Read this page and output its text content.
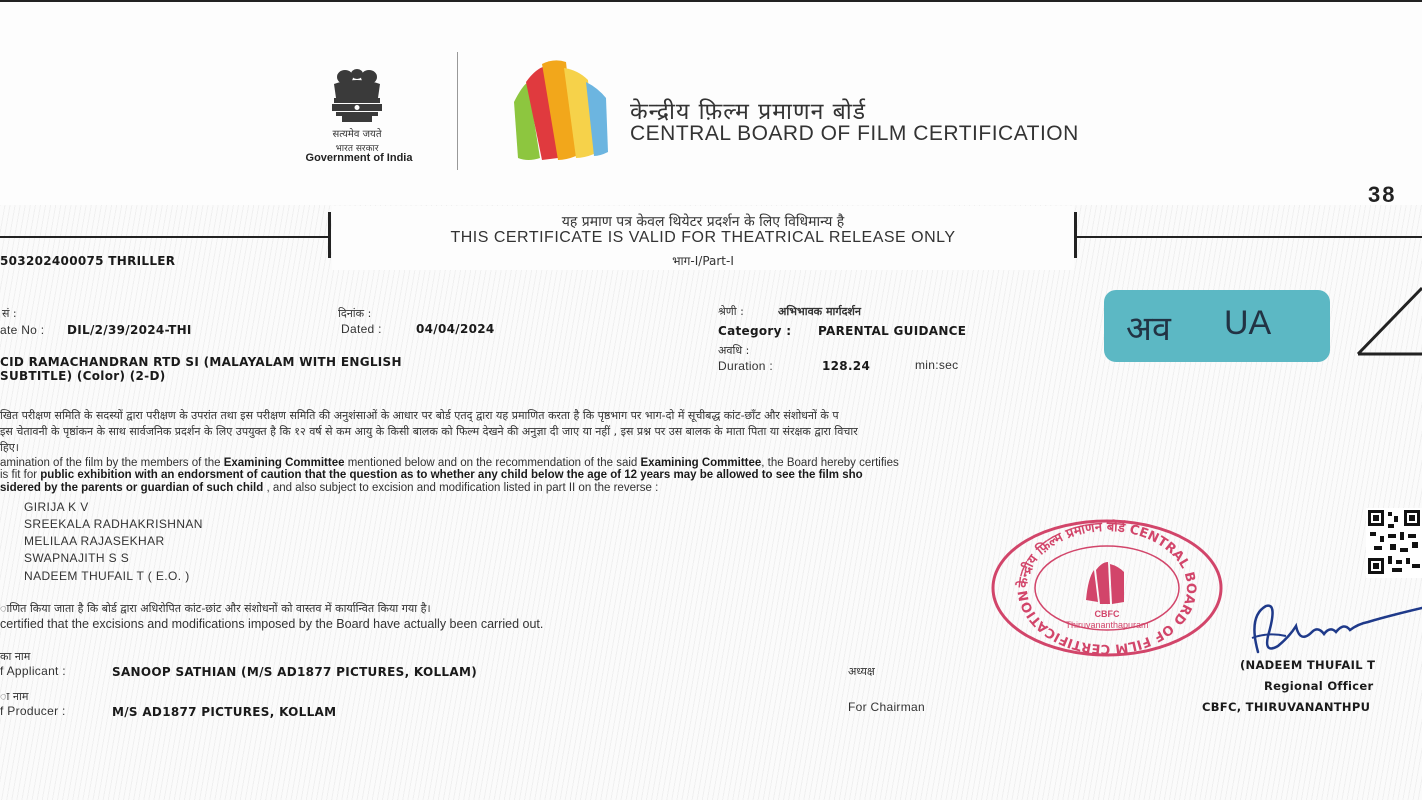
सत्यमेव जयते
भारत सरकार
Government of India
केन्द्रीय फ़िल्म प्रमाणन बोर्ड
CENTRAL BOARD OF FILM CERTIFICATION
38
यह प्रमाण पत्र केवल थियेटर प्रदर्शन के लिए विधिमान्य है
THIS CERTIFICATE IS VALID FOR THEATRICAL RELEASE ONLY
भाग-I/Part-I
503202400075 THRILLER
सं :
ate No : DIL/2/39/2024-THI
दिनांक :
Dated :	04/04/2024
श्रेणी :	अभिभावक मार्गदर्शन
Category : PARENTAL GUIDANCE
अवधि :
Duration :	128.24	min:sec
CID RAMACHANDRAN RTD SI (MALAYALAM WITH ENGLISH
SUBTITLE) (Color) (2-D)
अव UA
खित परीक्षण समिति के सदस्यों द्वारा परीक्षण के उपरांत तथा इस परीक्षण समिति की अनुशंसाओं के आधार पर बोर्ड एतद् द्वारा यह प्रमाणित करता है कि पृष्ठभाग पर भाग-दो में सूचीबद्ध कांट-छाँट और संशोधनों के प
इस चेतावनी के पृष्ठांकन के साथ सार्वजनिक प्रदर्शन के लिए उपयुक्त है कि १२ वर्ष से कम आयु के किसी बालक को फिल्म देखने की अनुज्ञा दी जाए या नहीं , इस प्रश्न पर उस बालक के माता पिता या संरक्षक द्वारा विचार
हिए।
amination of the film by the members of the Examining Committee mentioned below and on the recommendation of the said Examining Committee, the Board hereby certifies
is fit for public exhibition with an endorsment of caution that the question as to whether any child below the age of 12 years may be allowed to see the film sho
sidered by the parents or guardian of such child , and also subject to excision and modification listed in part II on the reverse :
GIRIJA K V
SREEKALA RADHAKRISHNAN
MELILAA RAJASEKHAR
SWAPNAJITH S S
NADEEM THUFAIL T ( E.O. )
ाणित किया जाता है कि बोर्ड द्वारा अधिरोपित कांट-छांट और संशोधनों को वास्तव में कार्यान्वित किया गया है।
certified that the excisions and modifications imposed by the Board have actually been carried out.
का नाम
f Applicant :	SANOOP SATHIAN (M/S AD1877 PICTURES, KOLLAM)
ा नाम
f Producer :	M/S AD1877 PICTURES, KOLLAM
अध्यक्ष
For Chairman
केन्द्रीय फ़िल्म प्रमाणन बोर्ड CENTRAL BOARD OF FILM CERTIFICATION
CBFC
Thiruvananthapuram
(NADEEM THUFAIL T
Regional Officer
CBFC, THIRUVANANTHPU
